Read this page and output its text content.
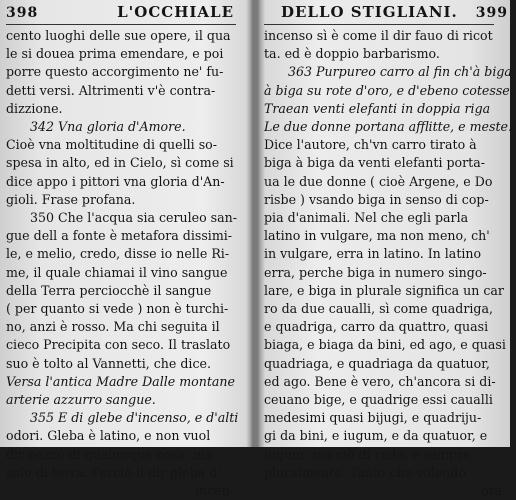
398	L'OCCHIALE
cento luoghi delle sue opere, il qua
le si douea prima emendare, e poi
porre questo accorgimento ne' fu-
detti versi. Altrimenti v'è contra-
dizzione.
342 Vna gloria d'Amore.
Cioè vna moltitudine di quelli so-
spesa in alto, ed in Cielo, sì come si
dice appo i pittori vna gloria d'An-
gioli. Frase profana.
350 Che l'acqua sia ceruleo san-
gue dell a fonte è metafora dissimi-
le, e melio, credo, disse io nelle Ri-
me, il quale chiamai il vino sangue
della Terra perciocchè il sangue
( per quanto si vede ) non è turchi-
no, anzi è rosso. Ma chi seguita il
cieco Precipita con seco. Il traslato
suo è tolto al Vannetti, che dice.
Versa l'antica Madre Dalle montane
arterie azzurro sangue.
355 E di glebe d'incenso, e d'alti
odori. Gleba è latino, e non vuol
dir pezzo di qualunque cosa, ma
solo di terra. Perciò il dir gleba d'
incen-
DELLO STIGLIANI. 399
incenso sì è come il dir fauo di ricot
ta. ed è doppio barbarismo.
363 Purpureo carro al fin ch'à biga
à biga su rote d'oro, e d'ebeno cotesse.
Traean venti elefanti in doppia riga
Le due donne portana afflitte, e meste.
Dice l'autore, ch'vn carro tirato à
biga à biga da venti elefanti porta-
ua le due donne ( cioè Argene, e Do
risbe ) vsando biga in senso di cop-
pia d'animali. Nel che egli parla
latino in vulgare, ma non meno, ch'
in vulgare, erra in latino. In latino
erra, perche biga in numero singo-
lare, e biga in plurale significa un car
ro da due caualli, sì come quadriga,
e quadriga, carro da quattro, quasi
biaga, e biaga da bini, ed ago, e quasi
quadriaga, e quadriaga da quatuor,
ed ago. Bene è vero, ch'ancora si di-
ceuano bige, e quadrige essi caualli
medesimi quasi bijugi, e quadriju-
gi da bini, e iugum, e da quatuor, e
iugum; ma ciò di rado, e sempre
pluralmente. Tanto che volendo
ora
